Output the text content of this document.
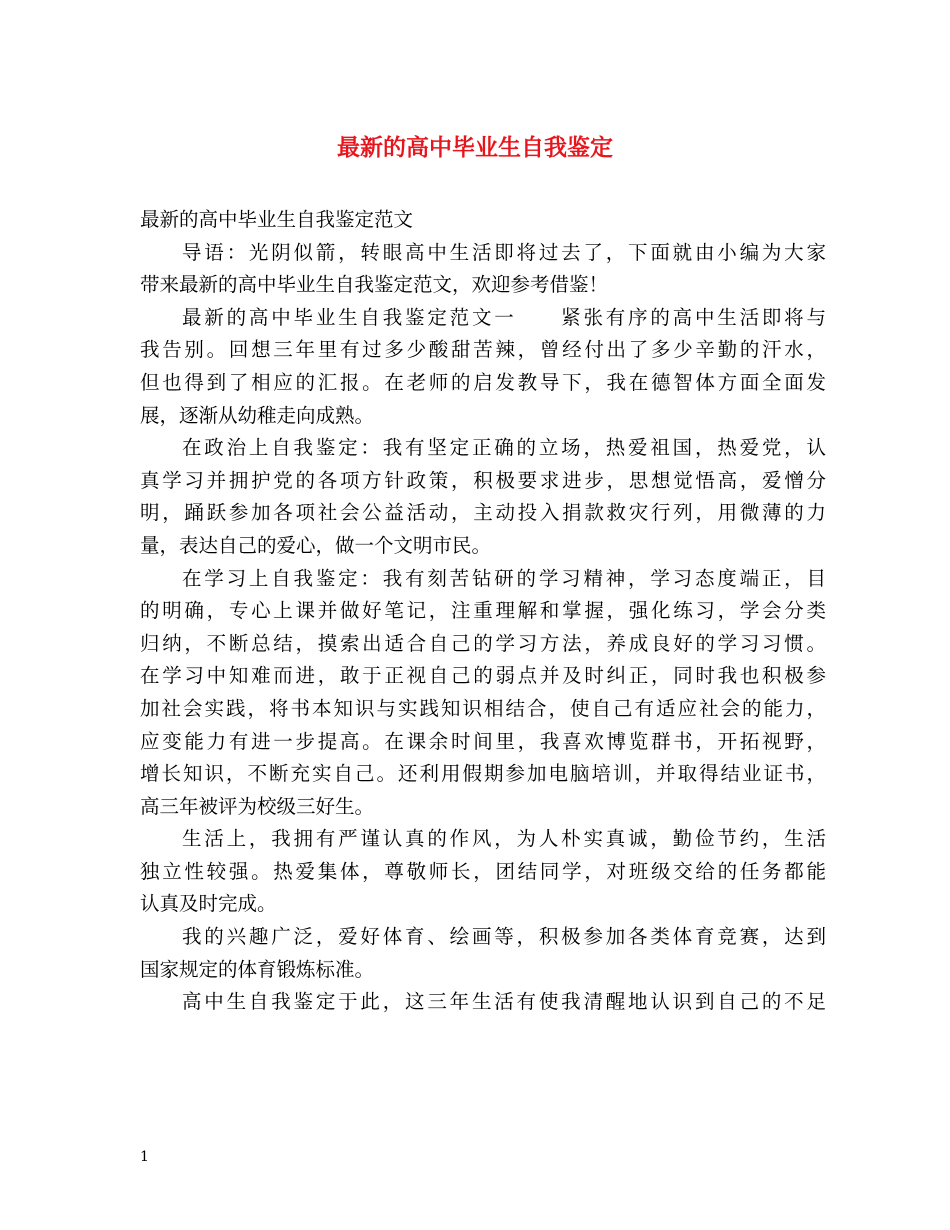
最新的高中毕业生自我鉴定
最新的高中毕业生自我鉴定范文
导语：光阴似箭，转眼高中生活即将过去了，下面就由小编为大家
带来最新的高中毕业生自我鉴定范文，欢迎参考借鉴！
最新的高中毕业生自我鉴定范文一　　紧张有序的高中生活即将与
我告别。回想三年里有过多少酸甜苦辣，曾经付出了多少辛勤的汗水，
但也得到了相应的汇报。在老师的启发教导下，我在德智体方面全面发
展，逐渐从幼稚走向成熟。
在政治上自我鉴定：我有坚定正确的立场，热爱祖国，热爱党，认
真学习并拥护党的各项方针政策，积极要求进步，思想觉悟高，爱憎分
明，踊跃参加各项社会公益活动，主动投入捐款救灾行列，用微薄的力
量，表达自己的爱心，做一个文明市民。
在学习上自我鉴定：我有刻苦钻研的学习精神，学习态度端正，目
的明确，专心上课并做好笔记，注重理解和掌握，强化练习，学会分类
归纳，不断总结，摸索出适合自己的学习方法，养成良好的学习习惯。
在学习中知难而进，敢于正视自己的弱点并及时纠正，同时我也积极参
加社会实践，将书本知识与实践知识相结合，使自己有适应社会的能力，
应变能力有进一步提高。在课余时间里，我喜欢博览群书，开拓视野，
增长知识，不断充实自己。还利用假期参加电脑培训，并取得结业证书，
高三年被评为校级三好生。
生活上，我拥有严谨认真的作风，为人朴实真诚，勤俭节约，生活
独立性较强。热爱集体，尊敬师长，团结同学，对班级交给的任务都能
认真及时完成。
我的兴趣广泛，爱好体育、绘画等，积极参加各类体育竞赛，达到
国家规定的体育锻炼标准。
高中生自我鉴定于此，这三年生活有使我清醒地认识到自己的不足
1
